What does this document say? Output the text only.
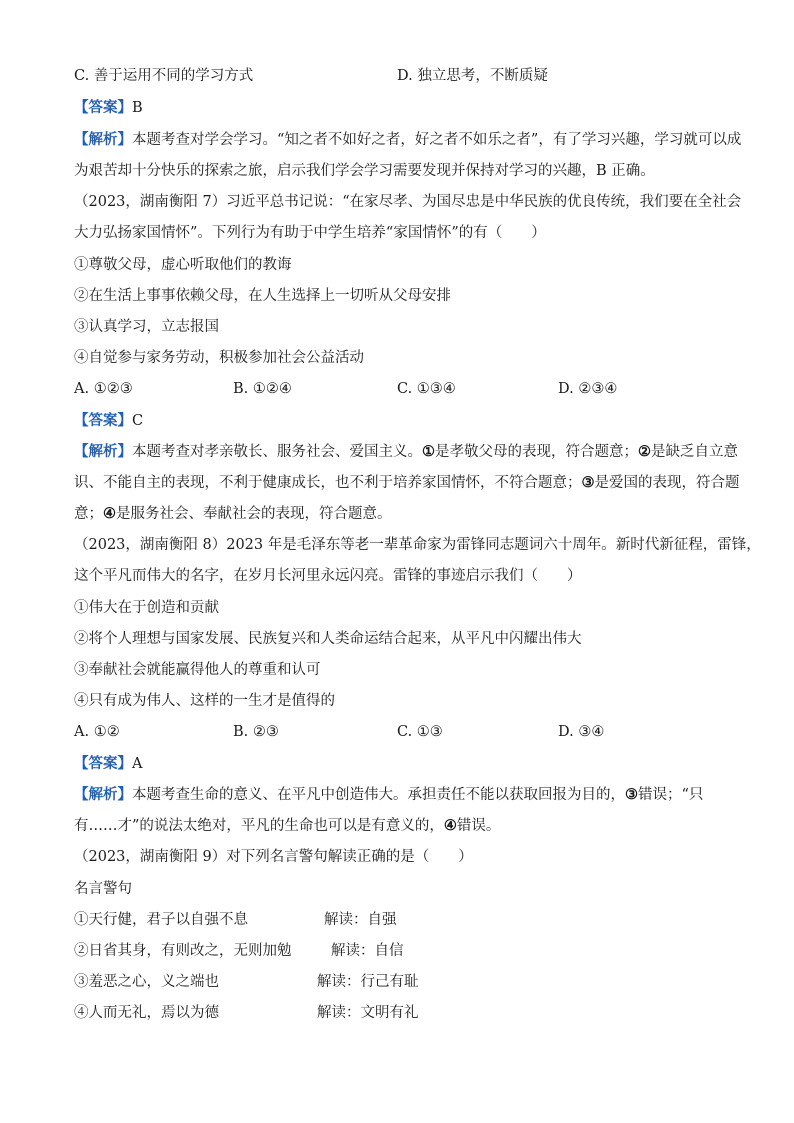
C. 善于运用不同的学习方式	D. 独立思考，不断质疑
【答案】B
【解析】本题考查对学会学习。“知之者不如好之者，好之者不如乐之者”，有了学习兴趣，学习就可以成
为艰苦却十分快乐的探索之旅，启示我们学会学习需要发现并保持对学习的兴趣，B 正确。
（2023，湖南衡阳 7）习近平总书记说：“在家尽孝、为国尽忠是中华民族的优良传统，我们要在全社会
大力弘扬家国情怀”。下列行为有助于中学生培养“家国情怀”的有（　　）
①尊敬父母，虚心听取他们的教诲
②在生活上事事依赖父母，在人生选择上一切听从父母安排
③认真学习，立志报国
④自觉参与家务劳动，积极参加社会公益活动
A. ①②③	B. ①②④	C. ①③④	D. ②③④
【答案】C
【解析】本题考查对孝亲敬长、服务社会、爱国主义。①是孝敬父母的表现，符合题意；②是缺乏自立意
识、不能自主的表现，不利于健康成长，也不利于培养家国情怀，不符合题意；③是爱国的表现，符合题
意；④是服务社会、奉献社会的表现，符合题意。
（2023，湖南衡阳 8）2023 年是毛泽东等老一辈革命家为雷锋同志题词六十周年。新时代新征程，雷锋，
这个平凡而伟大的名字，在岁月长河里永远闪亮。雷锋的事迹启示我们（　　）
①伟大在于创造和贡献
②将个人理想与国家发展、民族复兴和人类命运结合起来，从平凡中闪耀出伟大
③奉献社会就能赢得他人的尊重和认可
④只有成为伟人、这样的一生才是值得的
A. ①②	B. ②③	C. ①③	D. ③④
【答案】A
【解析】本题考查生命的意义、在平凡中创造伟大。承担责任不能以获取回报为目的，③错误；“只
有……才”的说法太绝对，平凡的生命也可以是有意义的，④错误。
（2023，湖南衡阳 9）对下列名言警句解读正确的是（　　）
名言警句
①天行健，君子以自强不息	解读：自强
②日省其身，有则改之，无则加勉	解读：自信
③羞恶之心，义之端也	解读：行己有耻
④人而无礼，焉以为德	解读：文明有礼
